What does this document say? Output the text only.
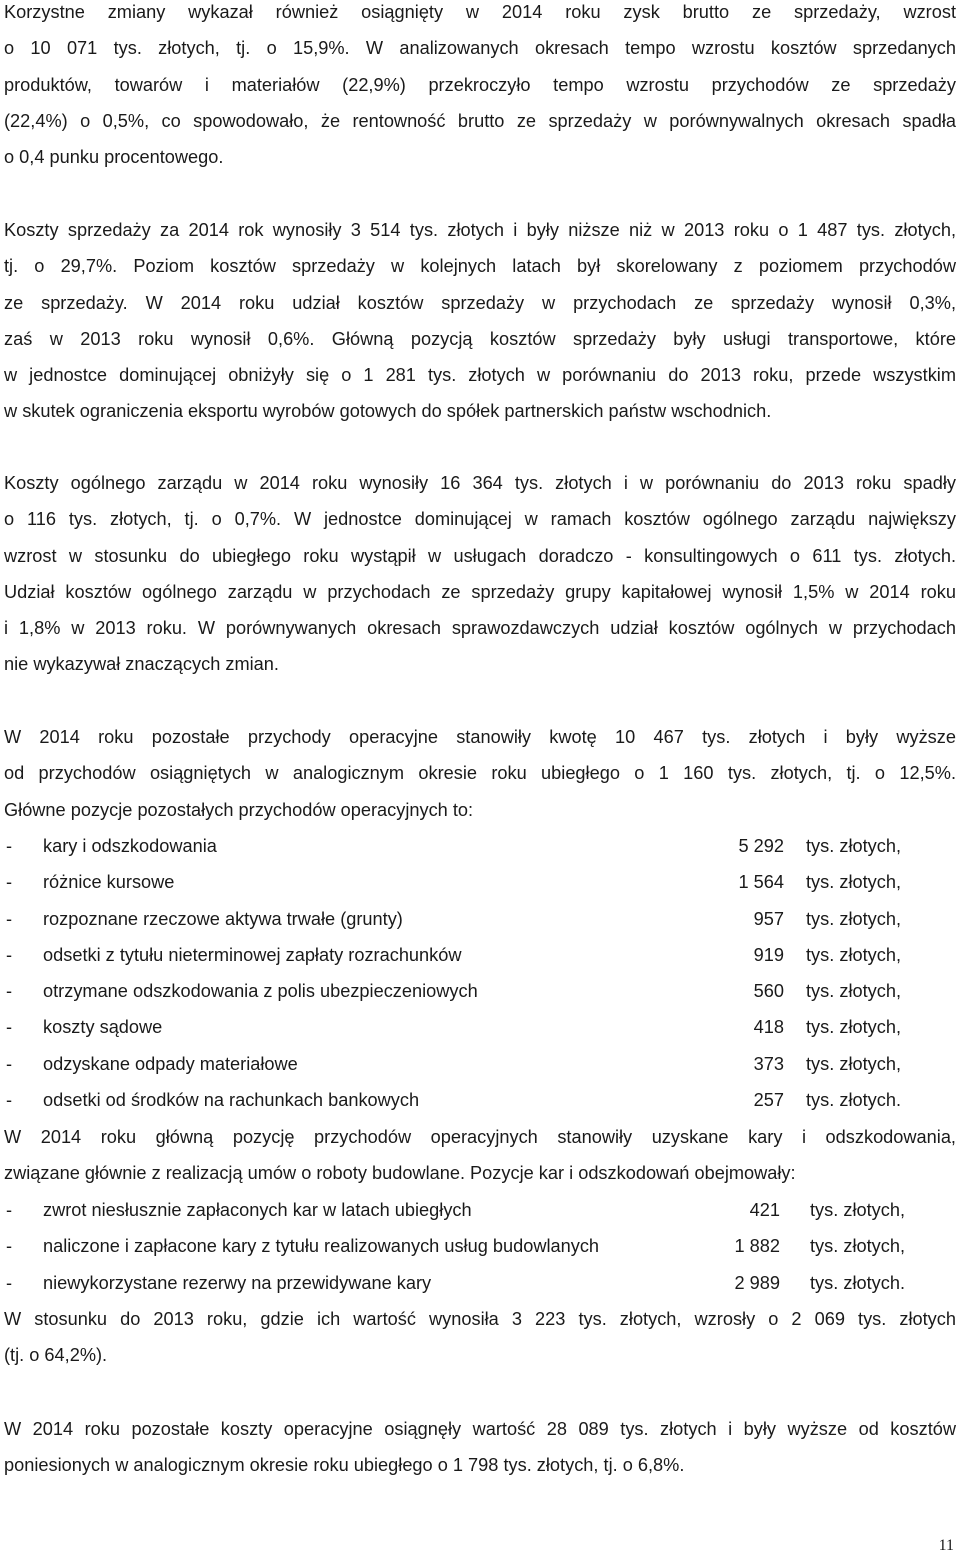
Korzystne zmiany wykazał również osiągnięty w 2014 roku zysk brutto ze sprzedaży, wzrost
o 10 071 tys. złotych, tj. o 15,9%. W analizowanych okresach tempo wzrostu kosztów sprzedanych
produktów, towarów i materiałów (22,9%) przekroczyło tempo wzrostu przychodów ze sprzedaży
(22,4%) o 0,5%, co spowodowało, że rentowność brutto ze sprzedaży w porównywalnych okresach spadła
o 0,4 punku procentowego.
Koszty sprzedaży za 2014 rok wynosiły 3 514 tys. złotych i były niższe niż w 2013 roku o 1 487 tys. złotych,
tj. o 29,7%. Poziom kosztów sprzedaży w kolejnych latach był skorelowany z poziomem przychodów
ze sprzedaży. W 2014 roku udział kosztów sprzedaży w przychodach ze sprzedaży wynosił 0,3%,
zaś w 2013 roku wynosił 0,6%. Główną pozycją kosztów sprzedaży były usługi transportowe, które
w jednostce dominującej obniżyły się o 1 281 tys. złotych w porównaniu do 2013 roku, przede wszystkim
w skutek ograniczenia eksportu wyrobów gotowych do spółek partnerskich państw wschodnich.
Koszty ogólnego zarządu w 2014 roku wynosiły 16 364 tys. złotych i w porównaniu do 2013 roku spadły
o 116 tys. złotych, tj. o 0,7%. W jednostce dominującej w ramach kosztów ogólnego zarządu największy
wzrost w stosunku do ubiegłego roku wystąpił w usługach doradczo - konsultingowych o 611 tys. złotych.
Udział kosztów ogólnego zarządu w przychodach ze sprzedaży grupy kapitałowej wynosił 1,5% w 2014 roku
i 1,8% w 2013 roku. W porównywanych okresach sprawozdawczych udział kosztów ogólnych w przychodach
nie wykazywał znaczących zmian.
W 2014 roku pozostałe przychody operacyjne stanowiły kwotę 10 467 tys. złotych i były wyższe
od przychodów osiągniętych w analogicznym okresie roku ubiegłego o 1 160 tys. złotych, tj. o 12,5%.
Główne pozycje pozostałych przychodów operacyjnych to:
- kary i odszkodowania	5 292 tys. złotych,
- różnice kursowe	1 564 tys. złotych,
- rozpoznane rzeczowe aktywa trwałe (grunty)	957 tys. złotych,
- odsetki z tytułu nieterminowej zapłaty rozrachunków	919 tys. złotych,
- otrzymane odszkodowania z polis ubezpieczeniowych	560 tys. złotych,
- koszty sądowe	418 tys. złotych,
- odzyskane odpady materiałowe	373 tys. złotych,
- odsetki od środków na rachunkach bankowych	257 tys. złotych.
W 2014 roku główną pozycję przychodów operacyjnych stanowiły uzyskane kary i odszkodowania,
związane głównie z realizacją umów o roboty budowlane. Pozycje kar i odszkodowań obejmowały:
- zwrot niesłusznie zapłaconych kar w latach ubiegłych	421 tys. złotych,
- naliczone i zapłacone kary z tytułu realizowanych usług budowlanych	1 882 tys. złotych,
- niewykorzystane rezerwy na przewidywane kary	2 989 tys. złotych.
W stosunku do 2013 roku, gdzie ich wartość wynosiła 3 223 tys. złotych, wzrosły o 2 069 tys. złotych
(tj. o 64,2%).
W 2014 roku pozostałe koszty operacyjne osiągnęły wartość 28 089 tys. złotych i były wyższe od kosztów
poniesionych w analogicznym okresie roku ubiegłego o 1 798 tys. złotych, tj. o 6,8%.
11
